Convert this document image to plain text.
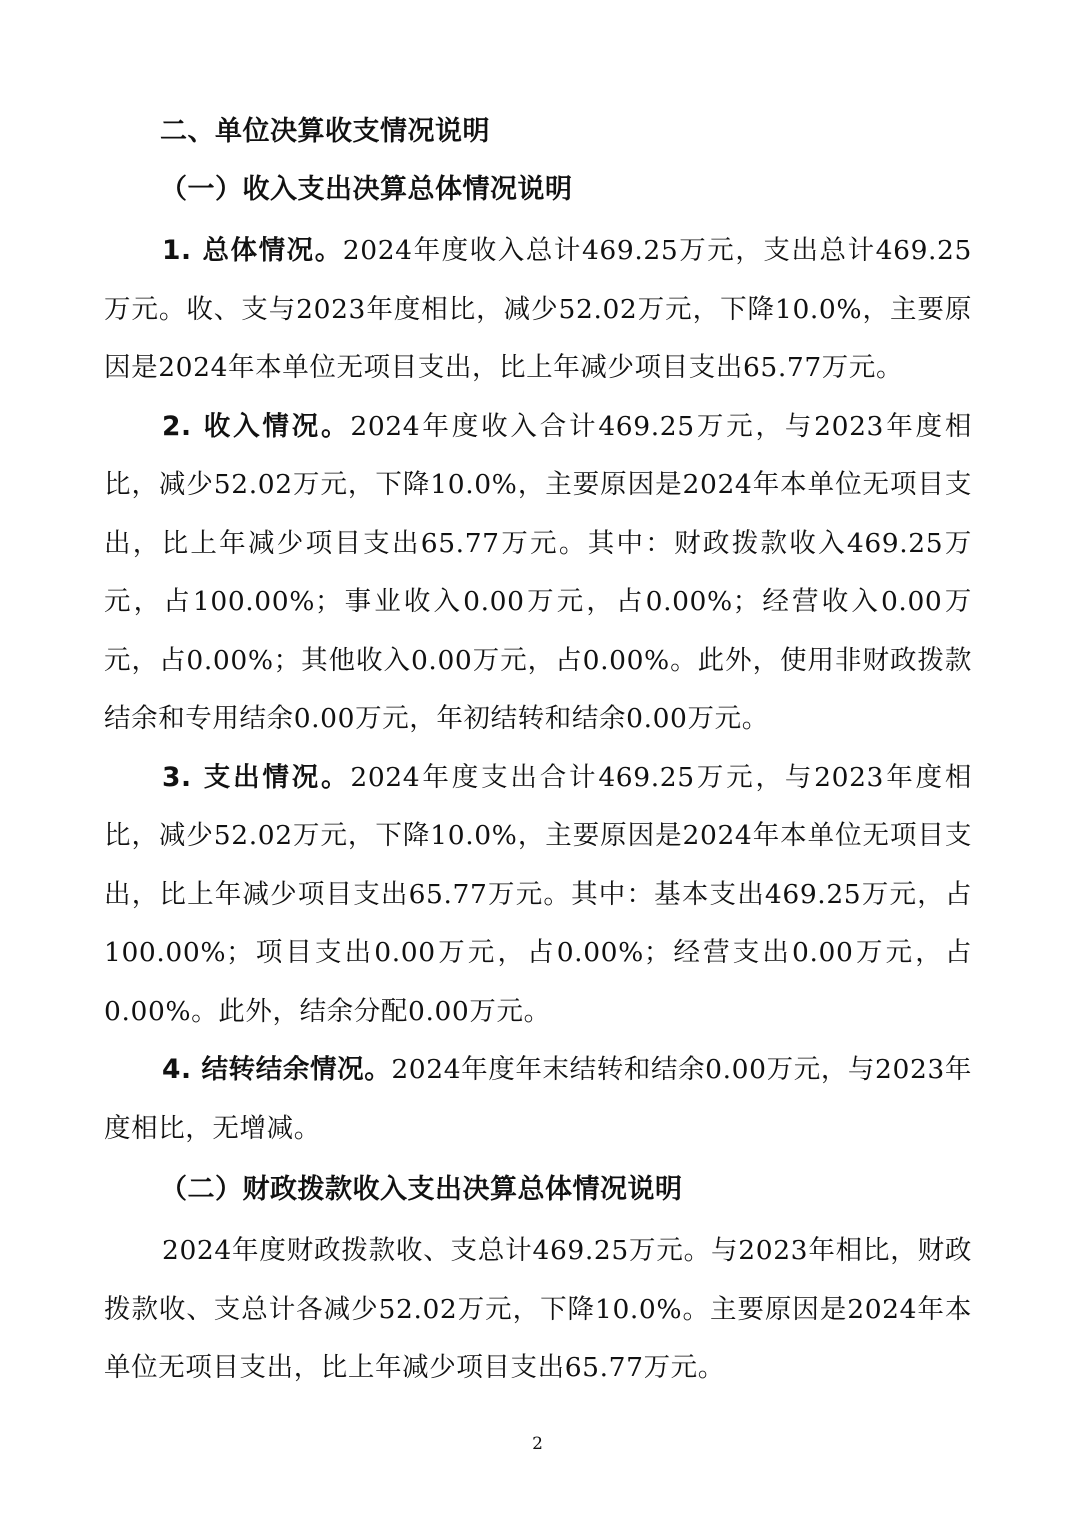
二、单位决算收支情况说明
（一）收入支出决算总体情况说明

1. 总体情况。2024年度收入总计469.25万元，支出总计469.25万元。收、支与2023年度相比，减少52.02万元，下降10.0%，主要原因是2024年本单位无项目支出，比上年减少项目支出65.77万元。

2. 收入情况。2024年度收入合计469.25万元，与2023年度相比，减少52.02万元，下降10.0%，主要原因是2024年本单位无项目支出，比上年减少项目支出65.77万元。其中：财政拨款收入469.25万元，占100.00%；事业收入0.00万元，占0.00%；经营收入0.00万元，占0.00%；其他收入0.00万元，占0.00%。此外，使用非财政拨款结余和专用结余0.00万元，年初结转和结余0.00万元。

3. 支出情况。2024年度支出合计469.25万元，与2023年度相比，减少52.02万元，下降10.0%，主要原因是2024年本单位无项目支出，比上年减少项目支出65.77万元。其中：基本支出469.25万元，占100.00%；项目支出0.00万元，占0.00%；经营支出0.00万元，占0.00%。此外，结余分配0.00万元。

4. 结转结余情况。2024年度年末结转和结余0.00万元，与2023年度相比，无增减。

（二）财政拨款收入支出决算总体情况说明

2024年度财政拨款收、支总计469.25万元。与2023年相比，财政拨款收、支总计各减少52.02万元，下降10.0%。主要原因是2024年本单位无项目支出，比上年减少项目支出65.77万元。

2
